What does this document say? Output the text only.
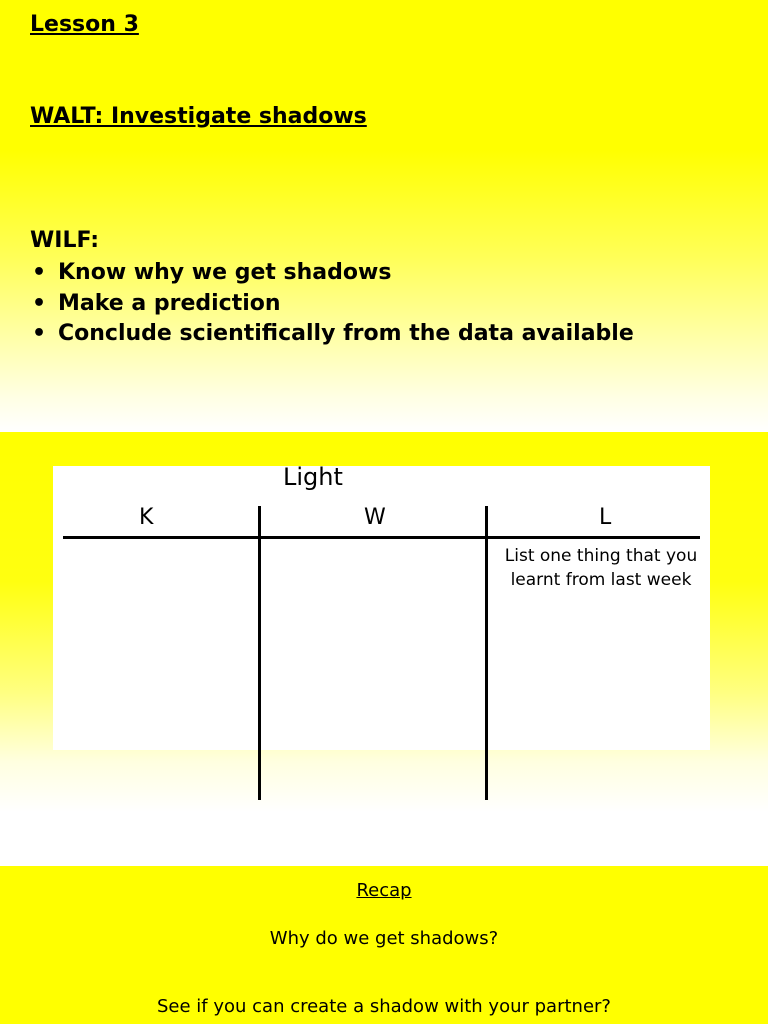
Lesson 3
WALT: Investigate shadows
WILF:
• Know why we get shadows
• Make a prediction
• Conclude scientifically from the data available
Light
K	W	L
List one thing that you learnt from last week
Recap
Why do we get shadows?
See if you can create a shadow with your partner?
